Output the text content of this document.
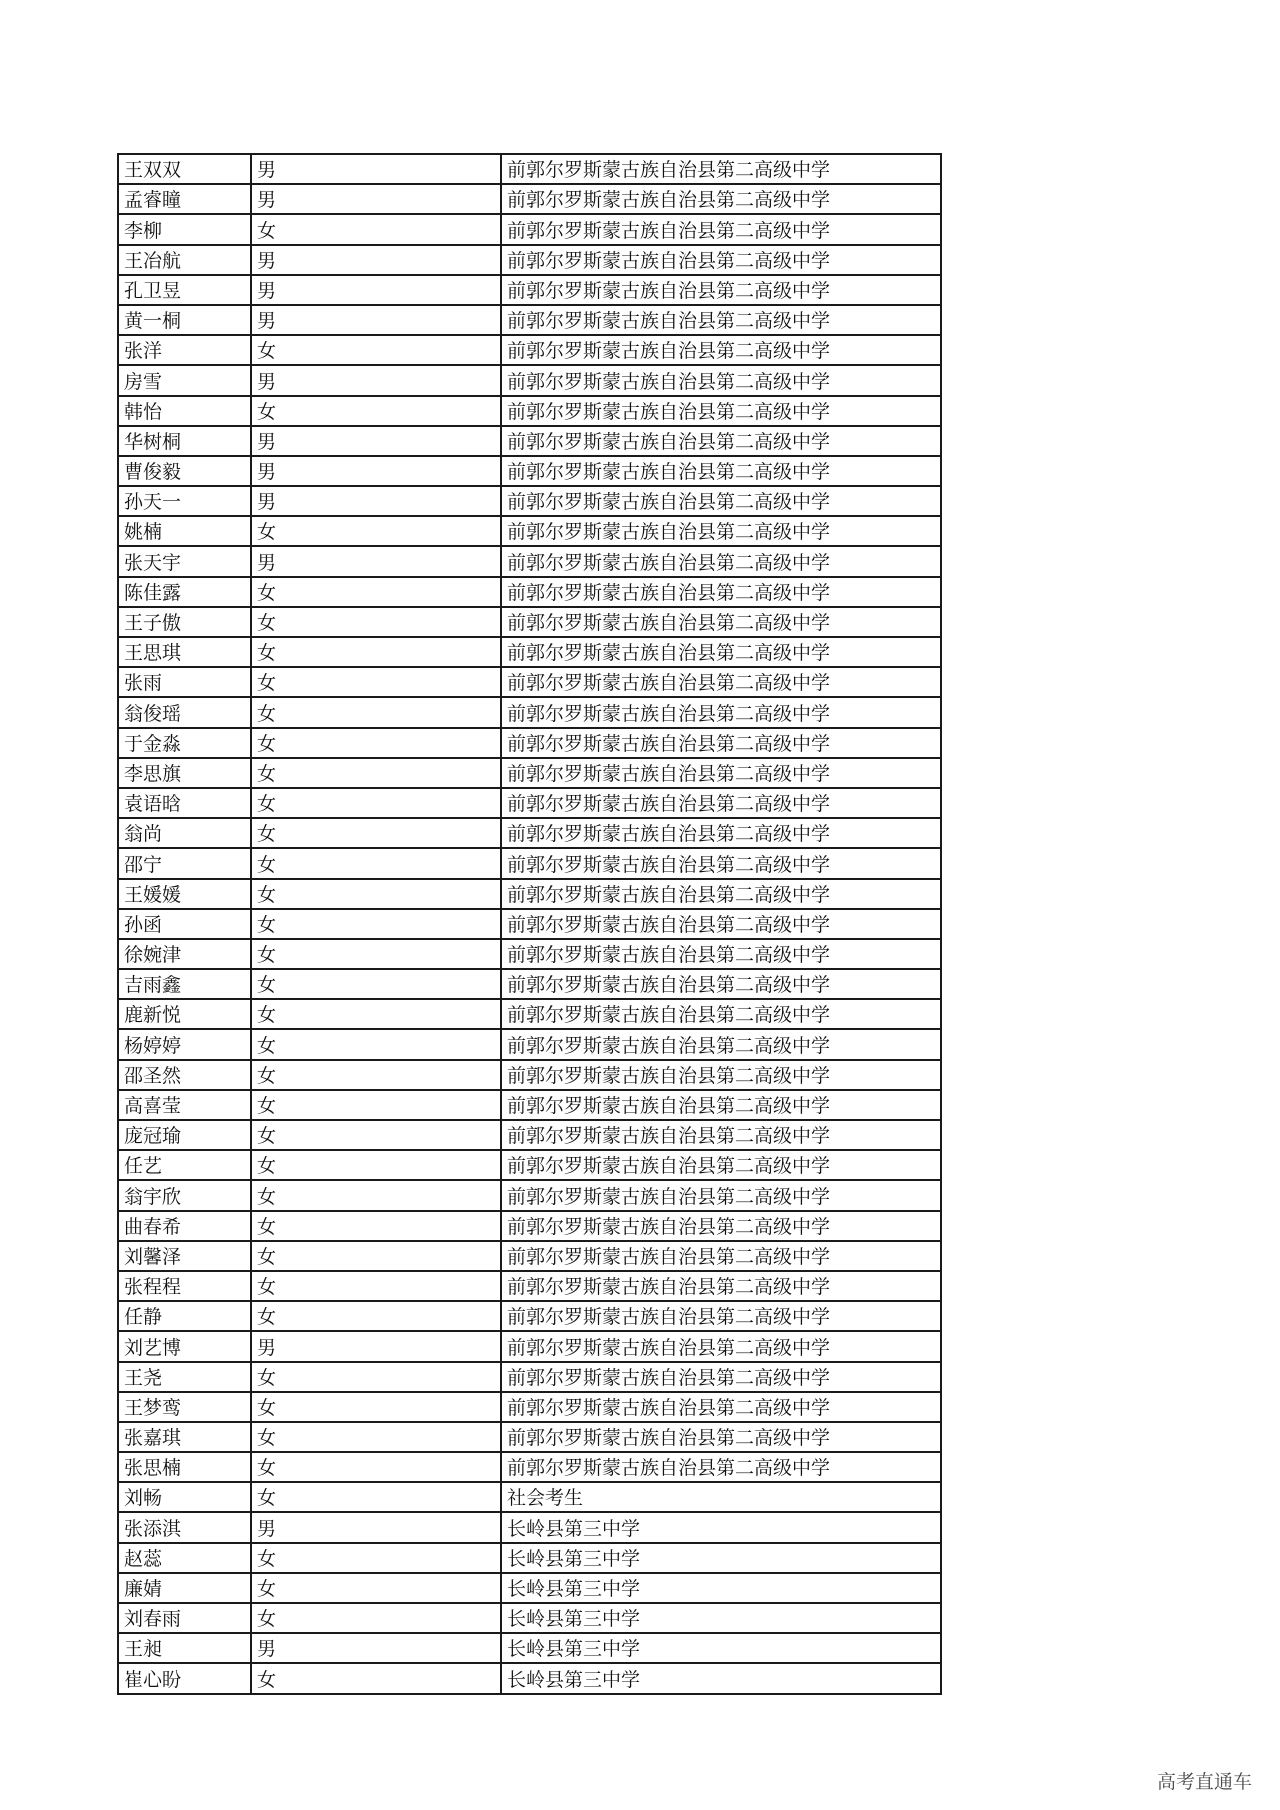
王双双	男	前郭尔罗斯蒙古族自治县第二高级中学
孟睿瞳	男	前郭尔罗斯蒙古族自治县第二高级中学
李柳	女	前郭尔罗斯蒙古族自治县第二高级中学
王冶航	男	前郭尔罗斯蒙古族自治县第二高级中学
孔卫昱	男	前郭尔罗斯蒙古族自治县第二高级中学
黄一桐	男	前郭尔罗斯蒙古族自治县第二高级中学
张洋	女	前郭尔罗斯蒙古族自治县第二高级中学
房雪	男	前郭尔罗斯蒙古族自治县第二高级中学
韩怡	女	前郭尔罗斯蒙古族自治县第二高级中学
华树桐	男	前郭尔罗斯蒙古族自治县第二高级中学
曹俊毅	男	前郭尔罗斯蒙古族自治县第二高级中学
孙天一	男	前郭尔罗斯蒙古族自治县第二高级中学
姚楠	女	前郭尔罗斯蒙古族自治县第二高级中学
张天宇	男	前郭尔罗斯蒙古族自治县第二高级中学
陈佳露	女	前郭尔罗斯蒙古族自治县第二高级中学
王子傲	女	前郭尔罗斯蒙古族自治县第二高级中学
王思琪	女	前郭尔罗斯蒙古族自治县第二高级中学
张雨	女	前郭尔罗斯蒙古族自治县第二高级中学
翁俊瑶	女	前郭尔罗斯蒙古族自治县第二高级中学
于金淼	女	前郭尔罗斯蒙古族自治县第二高级中学
李思旗	女	前郭尔罗斯蒙古族自治县第二高级中学
袁语晗	女	前郭尔罗斯蒙古族自治县第二高级中学
翁尚	女	前郭尔罗斯蒙古族自治县第二高级中学
邵宁	女	前郭尔罗斯蒙古族自治县第二高级中学
王媛媛	女	前郭尔罗斯蒙古族自治县第二高级中学
孙函	女	前郭尔罗斯蒙古族自治县第二高级中学
徐婉津	女	前郭尔罗斯蒙古族自治县第二高级中学
吉雨鑫	女	前郭尔罗斯蒙古族自治县第二高级中学
鹿新悦	女	前郭尔罗斯蒙古族自治县第二高级中学
杨婷婷	女	前郭尔罗斯蒙古族自治县第二高级中学
邵圣然	女	前郭尔罗斯蒙古族自治县第二高级中学
高喜莹	女	前郭尔罗斯蒙古族自治县第二高级中学
庞冠瑜	女	前郭尔罗斯蒙古族自治县第二高级中学
任艺	女	前郭尔罗斯蒙古族自治县第二高级中学
翁宇欣	女	前郭尔罗斯蒙古族自治县第二高级中学
曲春希	女	前郭尔罗斯蒙古族自治县第二高级中学
刘馨泽	女	前郭尔罗斯蒙古族自治县第二高级中学
张程程	女	前郭尔罗斯蒙古族自治县第二高级中学
任静	女	前郭尔罗斯蒙古族自治县第二高级中学
刘艺博	男	前郭尔罗斯蒙古族自治县第二高级中学
王尧	女	前郭尔罗斯蒙古族自治县第二高级中学
王梦鸾	女	前郭尔罗斯蒙古族自治县第二高级中学
张嘉琪	女	前郭尔罗斯蒙古族自治县第二高级中学
张思楠	女	前郭尔罗斯蒙古族自治县第二高级中学
刘畅	女	社会考生
张添淇	男	长岭县第三中学
赵蕊	女	长岭县第三中学
廉婧	女	长岭县第三中学
刘春雨	女	长岭县第三中学
王昶	男	长岭县第三中学
崔心盼	女	长岭县第三中学
高考直通车
